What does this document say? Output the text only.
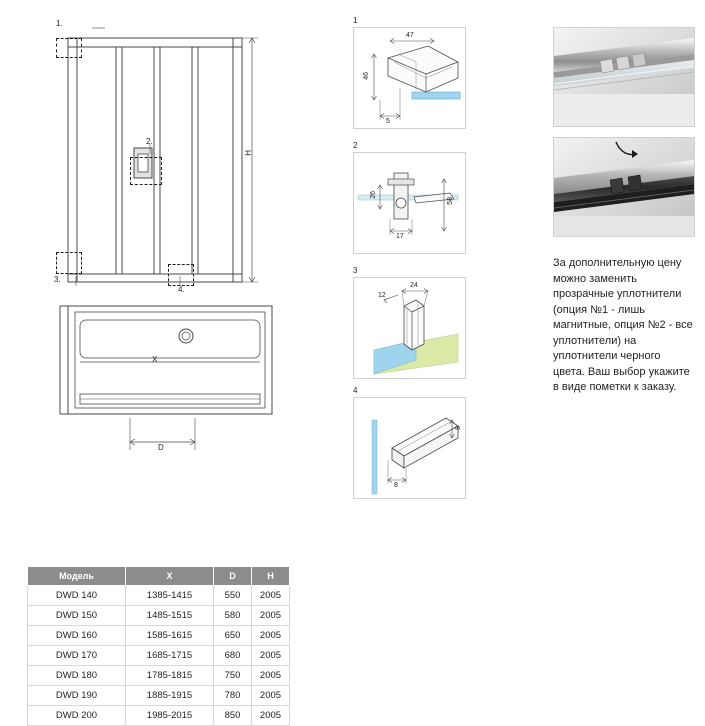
1.
2.
3.
4.
H
X
D
47
46
5
1
26
17
58
2
12
24
3
8
8
4
За дополнительную цену можно заменить прозрачные уплотнители (опция №1 - лишь магнитные, опция №2 - все уплотнители) на уплотнители черного цвета. Ваш выбор укажите в виде пометки к заказу.
Модель	X	D	H
DWD 140	1385-1415	550	2005
DWD 150	1485-1515	580	2005
DWD 160	1585-1615	650	2005
DWD 170	1685-1715	680	2005
DWD 180	1785-1815	750	2005
DWD 190	1885-1915	780	2005
DWD 200	1985-2015	850	2005
